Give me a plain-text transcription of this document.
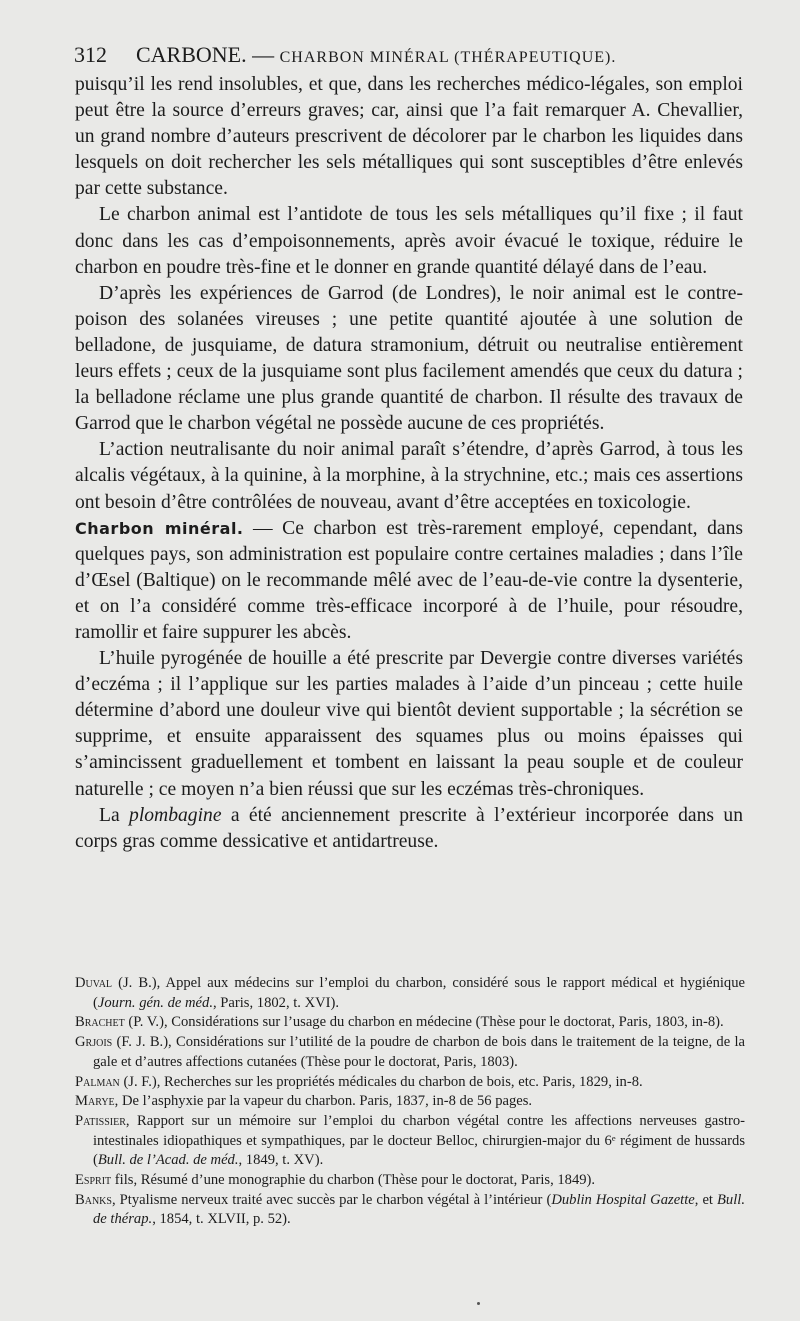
312 CARBONE. — CHARBON MINÉRAL (THÉRAPEUTIQUE).

puisqu’il les rend insolubles, et que, dans les recherches médico-légales, son emploi peut être la source d’erreurs graves; car, ainsi que l’a fait remarquer A. Chevallier, un grand nombre d’auteurs prescrivent de décolorer par le charbon les liquides dans lesquels on doit rechercher les sels métalliques qui sont susceptibles d’être enlevés par cette substance.

Le charbon animal est l’antidote de tous les sels métalliques qu’il fixe ; il faut donc dans les cas d’empoisonnements, après avoir évacué le toxique, réduire le charbon en poudre très-fine et le donner en grande quantité délayé dans de l’eau.

D’après les expériences de Garrod (de Londres), le noir animal est le contre-poison des solanées vireuses ; une petite quantité ajoutée à une solution de belladone, de jusquiame, de datura stramonium, détruit ou neutralise entièrement leurs effets ; ceux de la jusquiame sont plus facilement amendés que ceux du datura ; la belladone réclame une plus grande quantité de charbon. Il résulte des travaux de Garrod que le charbon végétal ne possède aucune de ces propriétés.

L’action neutralisante du noir animal paraît s’étendre, d’après Garrod, à tous les alcalis végétaux, à la quinine, à la morphine, à la strychnine, etc.; mais ces assertions ont besoin d’être contrôlées de nouveau, avant d’être acceptées en toxicologie.

Charbon minéral. — Ce charbon est très-rarement employé, cependant, dans quelques pays, son administration est populaire contre certaines maladies ; dans l’île d’Œsel (Baltique) on le recommande mêlé avec de l’eau-de-vie contre la dysenterie, et on l’a considéré comme très-efficace incorporé à de l’huile, pour résoudre, ramollir et faire suppurer les abcès.

L’huile pyrogénée de houille a été prescrite par Devergie contre diverses variétés d’eczéma ; il l’applique sur les parties malades à l’aide d’un pinceau ; cette huile détermine d’abord une douleur vive qui bientôt devient supportable ; la sécrétion se supprime, et ensuite apparaissent des squames plus ou moins épaisses qui s’amincissent graduellement et tombent en laissant la peau souple et de couleur naturelle ; ce moyen n’a bien réussi que sur les eczémas très-chroniques.

La plombagine a été anciennement prescrite à l’extérieur incorporée dans un corps gras comme dessicative et antidartreuse.

Duval (J. B.), Appel aux médecins sur l’emploi du charbon, considéré sous le rapport médical et hygiénique (Journ. gén. de méd., Paris, 1802, t. XVI).

Brachet (P. V.), Considérations sur l’usage du charbon en médecine (Thèse pour le doctorat, Paris, 1803, in-8).

Grjois (F. J. B.), Considérations sur l’utilité de la poudre de charbon de bois dans le traitement de la teigne, de la gale et d’autres affections cutanées (Thèse pour le doctorat, Paris, 1803).

Palman (J. F.), Recherches sur les propriétés médicales du charbon de bois, etc. Paris, 1829, in-8.

Marye, De l’asphyxie par la vapeur du charbon. Paris, 1837, in-8 de 56 pages.

Patissier, Rapport sur un mémoire sur l’emploi du charbon végétal contre les affections nerveuses gastro-intestinales idiopathiques et sympathiques, par le docteur Belloc, chirurgien-major du 6ᵉ régiment de hussards (Bull. de l’Acad. de méd., 1849, t. XV).

Esprit fils, Résumé d’une monographie du charbon (Thèse pour le doctorat, Paris, 1849).

Banks, Ptyalisme nerveux traité avec succès par le charbon végétal à l’intérieur (Dublin Hospital Gazette, et Bull. de thérap., 1854, t. XLVII, p. 52).
